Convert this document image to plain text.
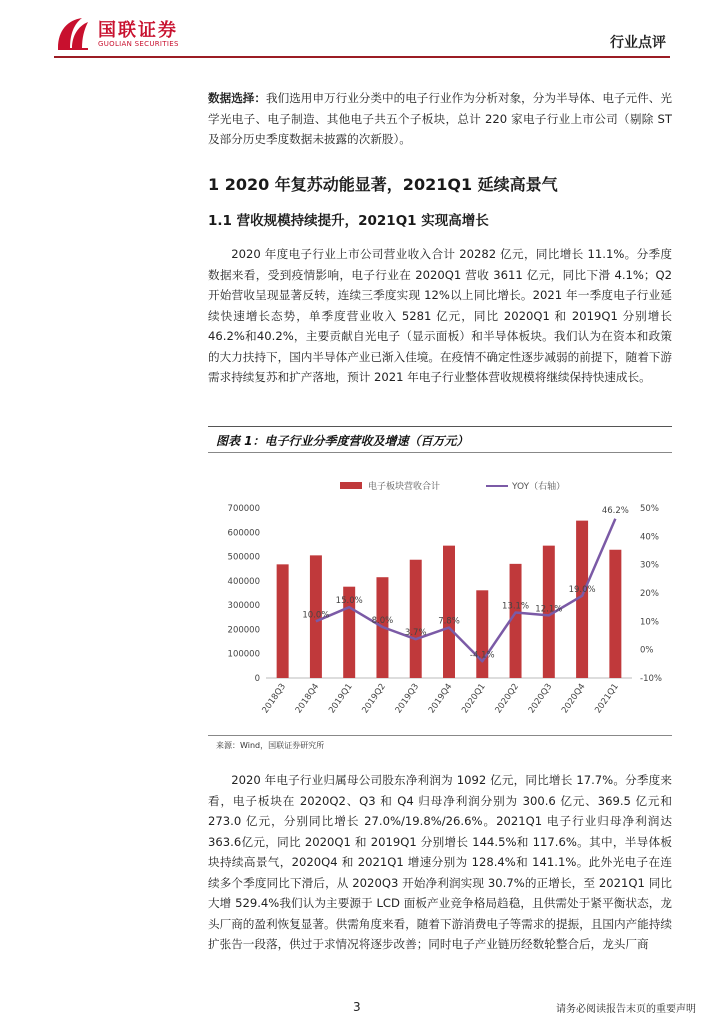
国联证券
GUOLIAN SECURITIES	行业点评
数据选择：我们选用申万行业分类中的电子行业作为分析对象，分为半导体、电子元件、光学光电子、电子制造、其他电子共五个子板块，总计 220 家电子行业上市公司（剔除 ST 及部分历史季度数据未披露的次新股）。
1 2020 年复苏动能显著，2021Q1 延续高景气
1.1 营收规模持续提升，2021Q1 实现高增长
2020 年度电子行业上市公司营业收入合计 20282 亿元，同比增长 11.1%。分季度数据来看，受到疫情影响，电子行业在 2020Q1 营收 3611 亿元，同比下滑 4.1%；Q2开始营收呈现显著反转，连续三季度实现 12%以上同比增长。2021 年一季度电子行业延续快速增长态势，单季度营业收入 5281 亿元，同比 2020Q1 和 2019Q1 分别增长46.2%和40.2%，主要贡献自光电子（显示面板）和半导体板块。我们认为在资本和政策的大力扶持下，国内半导体产业已渐入佳境。在疫情不确定性逐步减弱的前提下，随着下游需求持续复苏和扩产落地，预计 2021 年电子行业整体营收规模将继续保持快速成长。
图表 1：电子行业分季度营收及增速（百万元）
电子板块营收合计	YOY（右轴）
0
100000
200000
300000
400000
500000
600000
700000
-10%
0%
10%
20%
30%
40%
50%
10.0%
15.0%
8.0%
3.7%
7.8%
-4.1%
13.1% 12.1%
19.0%
46.2%
2018Q3 2018Q4 2019Q1 2019Q2 2019Q3 2019Q4 2020Q1 2020Q2 2020Q3 2020Q4 2021Q1
来源：Wind，国联证券研究所
2020 年电子行业归属母公司股东净利润为 1092 亿元，同比增长 17.7%。分季度来看，电子板块在 2020Q2、Q3 和 Q4 归母净利润分别为 300.6 亿元、369.5 亿元和273.0 亿元，分别同比增长 27.0%/19.8%/26.6%。2021Q1 电子行业归母净利润达 363.6亿元，同比 2020Q1 和 2019Q1 分别增长 144.5%和 117.6%。其中，半导体板块持续高景气，2020Q4 和 2021Q1 增速分别为 128.4%和 141.1%。此外光电子在连续多个季度同比下滑后，从 2020Q3 开始净利润实现 30.7%的正增长，至 2021Q1 同比大增 529.4%我们认为主要源于 LCD 面板产业竞争格局趋稳，且供需处于紧平衡状态，龙头厂商的盈利恢复显著。供需角度来看，随着下游消费电子等需求的提振，且国内产能持续扩张告一段落，供过于求情况将逐步改善；同时电子产业链历经数轮整合后，龙头厂商
3	请务必阅读报告末页的重要声明
